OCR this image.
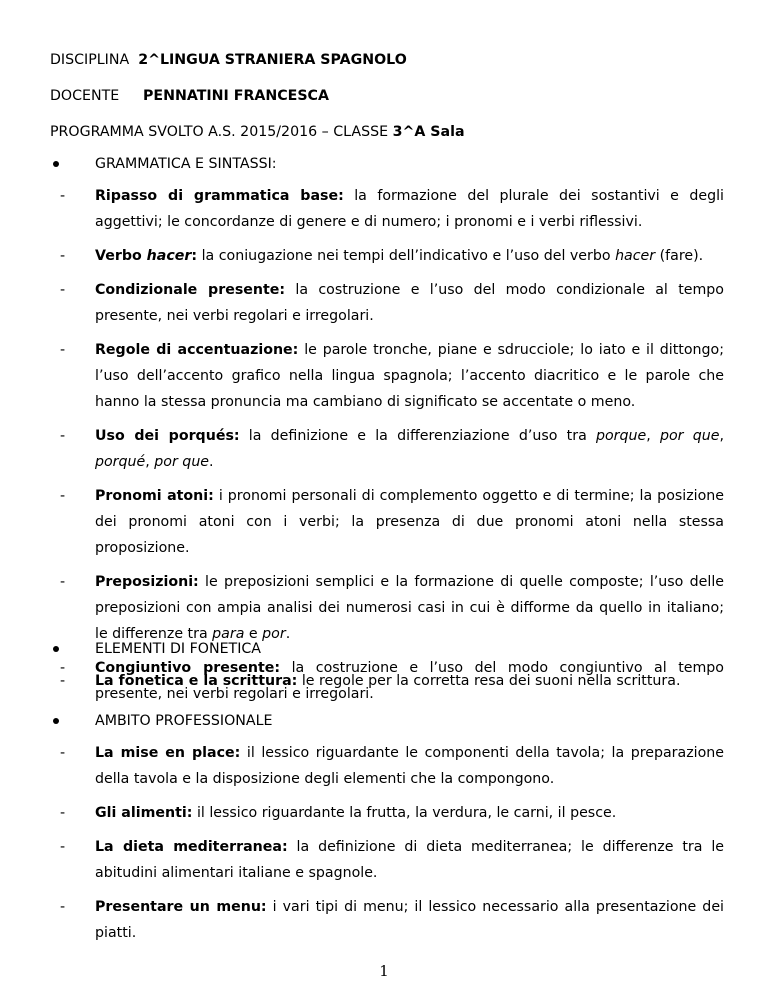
DISCIPLINA 2^LINGUA STRANIERA SPAGNOLO
DOCENTE PENNATINI FRANCESCA
PROGRAMMA SVOLTO A.S. 2015/2016 – CLASSE 3^A Sala
GRAMMATICA E SINTASSI:
- Ripasso di grammatica base: la formazione del plurale dei sostantivi e degli aggettivi; le concordanze di genere e di numero; i pronomi e i verbi riflessivi.

- Verbo hacer: la coniugazione nei tempi dell’indicativo e l’uso del verbo hacer (fare).

- Condizionale presente: la costruzione e l’uso del modo condizionale al tempo presente, nei verbi regolari e irregolari.

- Regole di accentuazione: le parole tronche, piane e sdrucciole; lo iato e il dittongo; l’uso dell’accento grafico nella lingua spagnola; l’accento diacritico e le parole che hanno la stessa pronuncia ma cambiano di significato se accentate o meno.

- Uso dei porqués: la definizione e la differenziazione d’uso tra porque, por que, porqué, por que.

- Pronomi atoni: i pronomi personali di complemento oggetto e di termine; la posizione dei pronomi atoni con i verbi; la presenza di due pronomi atoni nella stessa proposizione.

- Preposizioni: le preposizioni semplici e la formazione di quelle composte; l’uso delle preposizioni con ampia analisi dei numerosi casi in cui è difforme da quello in italiano; le differenze tra para e por.

- Congiuntivo presente: la costruzione e l’uso del modo congiuntivo al tempo presente, nei verbi regolari e irregolari.

ELEMENTI DI FONETICA
- La fonetica e la scrittura: le regole per la corretta resa dei suoni nella scrittura.

AMBITO PROFESSIONALE
- La mise en place: il lessico riguardante le componenti della tavola; la preparazione della tavola e la disposizione degli elementi che la compongono.

- Gli alimenti: il lessico riguardante la frutta, la verdura, le carni, il pesce.

- La dieta mediterranea: la definizione di dieta mediterranea; le differenze tra le abitudini alimentari italiane e spagnole.

- Presentare un menu: i vari tipi di menu; il lessico necessario alla presentazione dei piatti.

1
